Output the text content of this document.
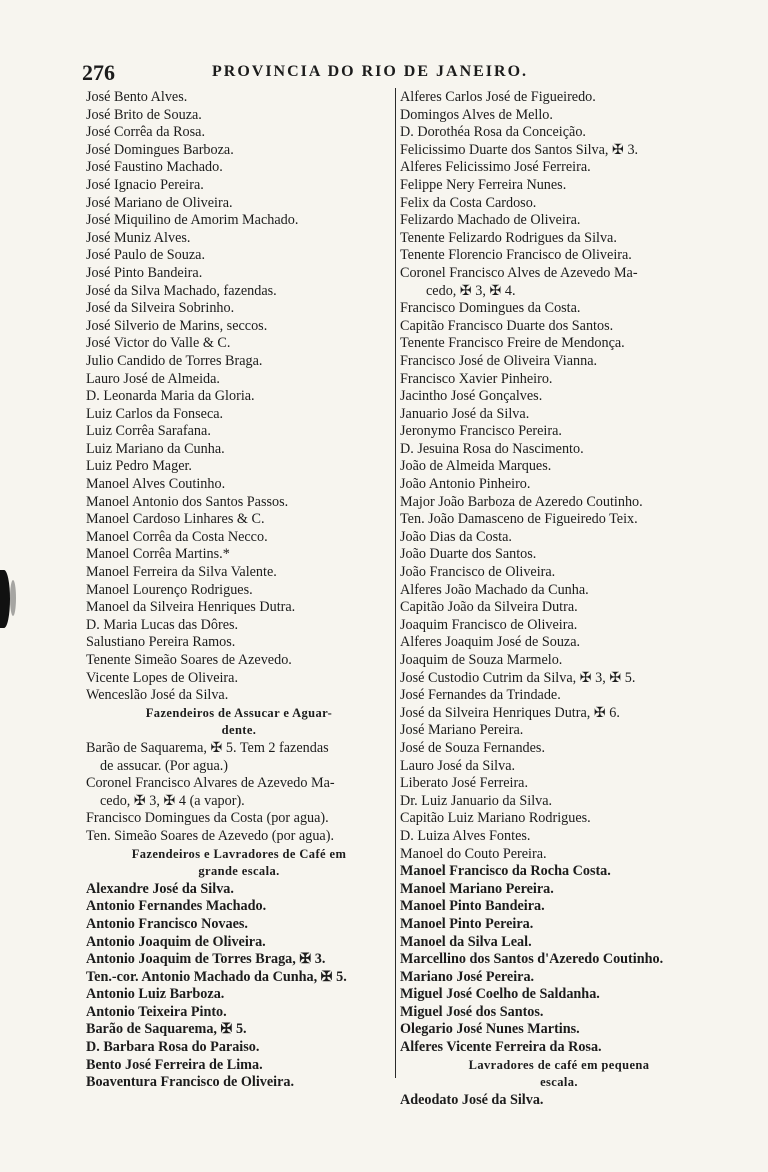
276	PROVINCIA DO RIO DE JANEIRO.
José Bento Alves.
José Brito de Souza.
José Corrêa da Rosa.
José Domingues Barboza.
José Faustino Machado.
José Ignacio Pereira.
José Mariano de Oliveira.
José Miquilino de Amorim Machado.
José Muniz Alves.
José Paulo de Souza.
José Pinto Bandeira.
José da Silva Machado, fazendas.
José da Silveira Sobrinho.
José Silverio de Marins, seccos.
José Victor do Valle & C.
Julio Candido de Torres Braga.
Lauro José de Almeida.
D. Leonarda Maria da Gloria.
Luiz Carlos da Fonseca.
Luiz Corrêa Sarafana.
Luiz Mariano da Cunha.
Luiz Pedro Mager.
Manoel Alves Coutinho.
Manoel Antonio dos Santos Passos.
Manoel Cardoso Linhares & C.
Manoel Corrêa da Costa Necco.
Manoel Corrêa Martins.*
Manoel Ferreira da Silva Valente.
Manoel Lourenço Rodrigues.
Manoel da Silveira Henriques Dutra.
D. Maria Lucas das Dôres.
Salustiano Pereira Ramos.
Tenente Simeão Soares de Azevedo.
Vicente Lopes de Oliveira.
Wenceslão José da Silva.
Fazendeiros de Assucar e Aguar-
dente.
Barão de Saquarema, ✠ 5. Tem 2 fazendas
de assucar. (Por agua.)
Coronel Francisco Alvares de Azevedo Ma-
cedo, ✠ 3, ✠ 4 (a vapor).
Francisco Domingues da Costa (por agua).
Ten. Simeão Soares de Azevedo (por agua).
Fazendeiros e Lavradores de Café em
grande escala.
Alexandre José da Silva.
Antonio Fernandes Machado.
Antonio Francisco Novaes.
Antonio Joaquim de Oliveira.
Antonio Joaquim de Torres Braga, ✠ 3.
Ten.-cor. Antonio Machado da Cunha, ✠ 5.
Antonio Luiz Barboza.
Antonio Teixeira Pinto.
Barão de Saquarema, ✠ 5.
D. Barbara Rosa do Paraiso.
Bento José Ferreira de Lima.
Boaventura Francisco de Oliveira.
Alferes Carlos José de Figueiredo.
Domingos Alves de Mello.
D. Dorothéa Rosa da Conceição.
Felicissimo Duarte dos Santos Silva, ✠ 3.
Alferes Felicissimo José Ferreira.
Felippe Nery Ferreira Nunes.
Felix da Costa Cardoso.
Felizardo Machado de Oliveira.
Tenente Felizardo Rodrigues da Silva.
Tenente Florencio Francisco de Oliveira.
Coronel Francisco Alves de Azevedo Ma-
cedo, ✠ 3, ✠ 4.
Francisco Domingues da Costa.
Capitão Francisco Duarte dos Santos.
Tenente Francisco Freire de Mendonça.
Francisco José de Oliveira Vianna.
Francisco Xavier Pinheiro.
Jacintho José Gonçalves.
Januario José da Silva.
Jeronymo Francisco Pereira.
D. Jesuina Rosa do Nascimento.
João de Almeida Marques.
João Antonio Pinheiro.
Major João Barboza de Azeredo Coutinho.
Ten. João Damasceno de Figueiredo Teix.
João Dias da Costa.
João Duarte dos Santos.
João Francisco de Oliveira.
Alferes João Machado da Cunha.
Capitão João da Silveira Dutra.
Joaquim Francisco de Oliveira.
Alferes Joaquim José de Souza.
Joaquim de Souza Marmelo.
José Custodio Cutrim da Silva, ✠ 3, ✠ 5.
José Fernandes da Trindade.
José da Silveira Henriques Dutra, ✠ 6.
José Mariano Pereira.
José de Souza Fernandes.
Lauro José da Silva.
Liberato José Ferreira.
Dr. Luiz Januario da Silva.
Capitão Luiz Mariano Rodrigues.
D. Luiza Alves Fontes.
Manoel do Couto Pereira.
Manoel Francisco da Rocha Costa.
Manoel Mariano Pereira.
Manoel Pinto Bandeira.
Manoel Pinto Pereira.
Manoel da Silva Leal.
Marcellino dos Santos d'Azeredo Coutinho.
Mariano José Pereira.
Miguel José Coelho de Saldanha.
Miguel José dos Santos.
Olegario José Nunes Martins.
Alferes Vicente Ferreira da Rosa.
Lavradores de café em pequena
escala.
Adeodato José da Silva.
